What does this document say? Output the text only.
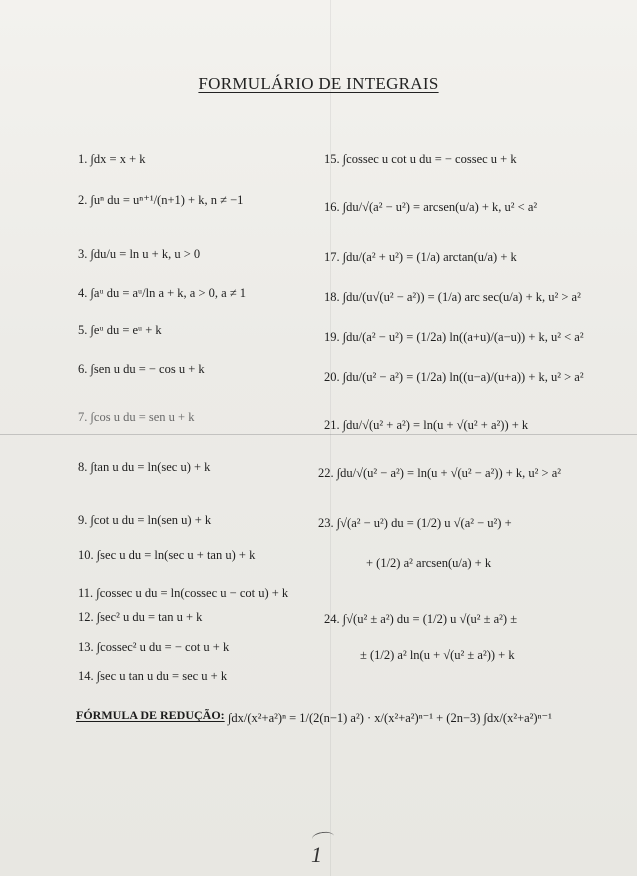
FORMULÁRIO DE INTEGRAIS
1. ∫dx = x + k
2. ∫uⁿ du = uⁿ⁺¹/(n+1) + k, n ≠ −1
3. ∫du/u = ln u + k, u > 0
4. ∫aᵘ du = aᵘ/ln a + k, a > 0, a ≠ 1
5. ∫eᵘ du = eᵘ + k
6. ∫sen u du = − cos u + k
7. ∫cos u du = sen u + k
8. ∫tan u du = ln(sec u) + k
9. ∫cot u du = ln(sen u) + k
10. ∫sec u du = ln(sec u + tan u) + k
11. ∫cossec u du = ln(cossec u − cot u) + k
12. ∫sec² u du = tan u + k
13. ∫cossec² u du = − cot u + k
14. ∫sec u tan u du = sec u + k
15. ∫cossec u cot u du = − cossec u + k
16. ∫du/√(a² − u²) = arcsen(u/a) + k, u² < a²
17. ∫du/(a² + u²) = (1/a) arctan(u/a) + k
18. ∫du/(u√(u² − a²)) = (1/a) arc sec(u/a) + k, u² > a²
19. ∫du/(a² − u²) = (1/2a) ln((a+u)/(a−u)) + k, u² < a²
20. ∫du/(u² − a²) = (1/2a) ln((u−a)/(u+a)) + k, u² > a²
21. ∫du/√(u² + a²) = ln(u + √(u² + a²)) + k
22. ∫du/√(u² − a²) = ln(u + √(u² − a²)) + k, u² > a²
23. ∫√(a² − u²) du = (1/2) u √(a² − u²) +
+ (1/2) a² arcsen(u/a) + k
24. ∫√(u² ± a²) du = (1/2) u √(u² ± a²) ±
± (1/2) a² ln(u + √(u² ± a²)) + k
FÓRMULA DE REDUÇÃO: ∫dx/(x²+a²)ⁿ = 1/(2(n−1) a²) · x/(x²+a²)ⁿ⁻¹ + (2n−3) ∫dx/(x²+a²)ⁿ⁻¹
1
